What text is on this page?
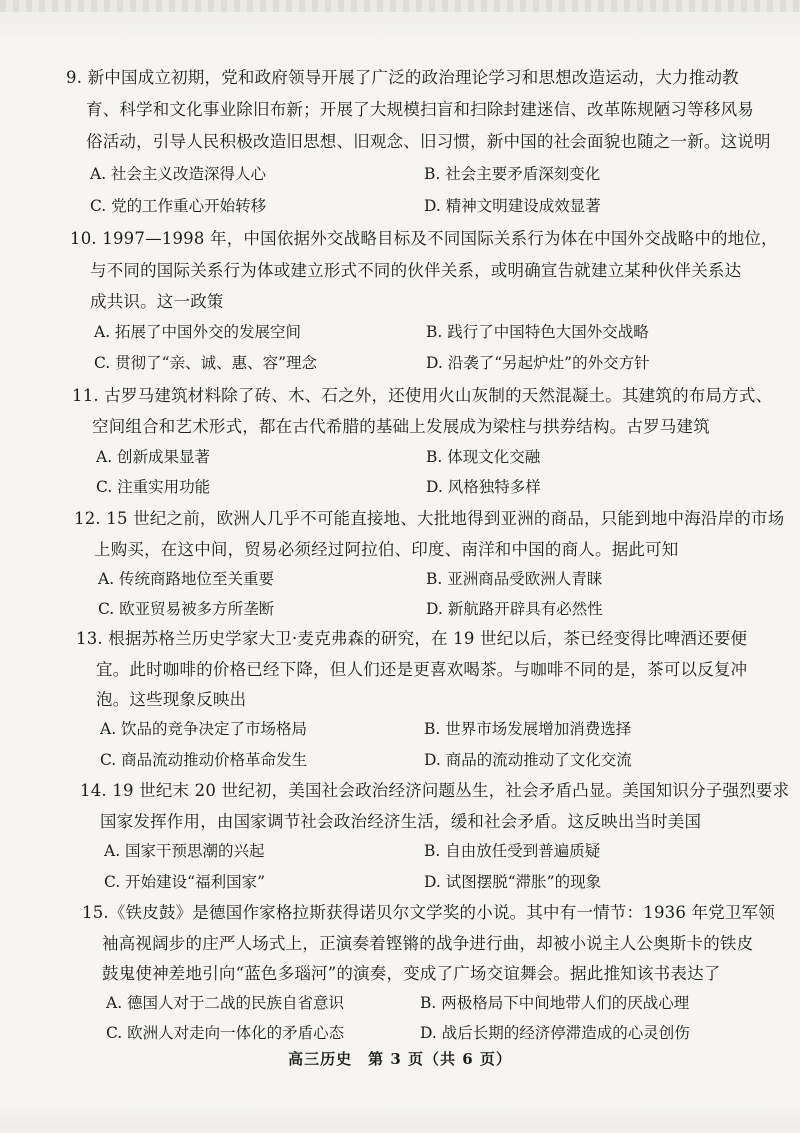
9. 新中国成立初期，党和政府领导开展了广泛的政治理论学习和思想改造运动，大力推动教
育、科学和文化事业除旧布新；开展了大规模扫盲和扫除封建迷信、改革陈规陋习等移风易
俗活动，引导人民积极改造旧思想、旧观念、旧习惯，新中国的社会面貌也随之一新。这说明
A. 社会主义改造深得人心	B. 社会主要矛盾深刻变化
C. 党的工作重心开始转移	D. 精神文明建设成效显著
10. 1997—1998 年，中国依据外交战略目标及不同国际关系行为体在中国外交战略中的地位，
与不同的国际关系行为体或建立形式不同的伙伴关系，或明确宣告就建立某种伙伴关系达
成共识。这一政策
A. 拓展了中国外交的发展空间	B. 践行了中国特色大国外交战略
C. 贯彻了“亲、诚、惠、容”理念	D. 沿袭了“另起炉灶”的外交方针
11. 古罗马建筑材料除了砖、木、石之外，还使用火山灰制的天然混凝土。其建筑的布局方式、
空间组合和艺术形式，都在古代希腊的基础上发展成为梁柱与拱券结构。古罗马建筑
A. 创新成果显著	B. 体现文化交融
C. 注重实用功能	D. 风格独特多样
12. 15 世纪之前，欧洲人几乎不可能直接地、大批地得到亚洲的商品，只能到地中海沿岸的市场
上购买，在这中间，贸易必须经过阿拉伯、印度、南洋和中国的商人。据此可知
A. 传统商路地位至关重要	B. 亚洲商品受欧洲人青睐
C. 欧亚贸易被多方所垄断	D. 新航路开辟具有必然性
13. 根据苏格兰历史学家大卫·麦克弗森的研究，在 19 世纪以后，茶已经变得比啤酒还要便
宜。此时咖啡的价格已经下降，但人们还是更喜欢喝茶。与咖啡不同的是，茶可以反复冲
泡。这些现象反映出
A. 饮品的竞争决定了市场格局	B. 世界市场发展增加消费选择
C. 商品流动推动价格革命发生	D. 商品的流动推动了文化交流
14. 19 世纪末 20 世纪初，美国社会政治经济问题丛生，社会矛盾凸显。美国知识分子强烈要求
国家发挥作用，由国家调节社会政治经济生活，缓和社会矛盾。这反映出当时美国
A. 国家干预思潮的兴起	B. 自由放任受到普遍质疑
C. 开始建设“福利国家”	D. 试图摆脱“滞胀”的现象
15.《铁皮鼓》是德国作家格拉斯获得诺贝尔文学奖的小说。其中有一情节：1936 年党卫军领
袖高视阔步的庄严人场式上，正演奏着铿锵的战争进行曲，却被小说主人公奥斯卡的铁皮
鼓鬼使神差地引向“蓝色多瑙河”的演奏，变成了广场交谊舞会。据此推知该书表达了
A. 德国人对于二战的民族自省意识	B. 两极格局下中间地带人们的厌战心理
C. 欧洲人对走向一体化的矛盾心态	D. 战后长期的经济停滞造成的心灵创伤
高三历史　第 3 页（共 6 页）
